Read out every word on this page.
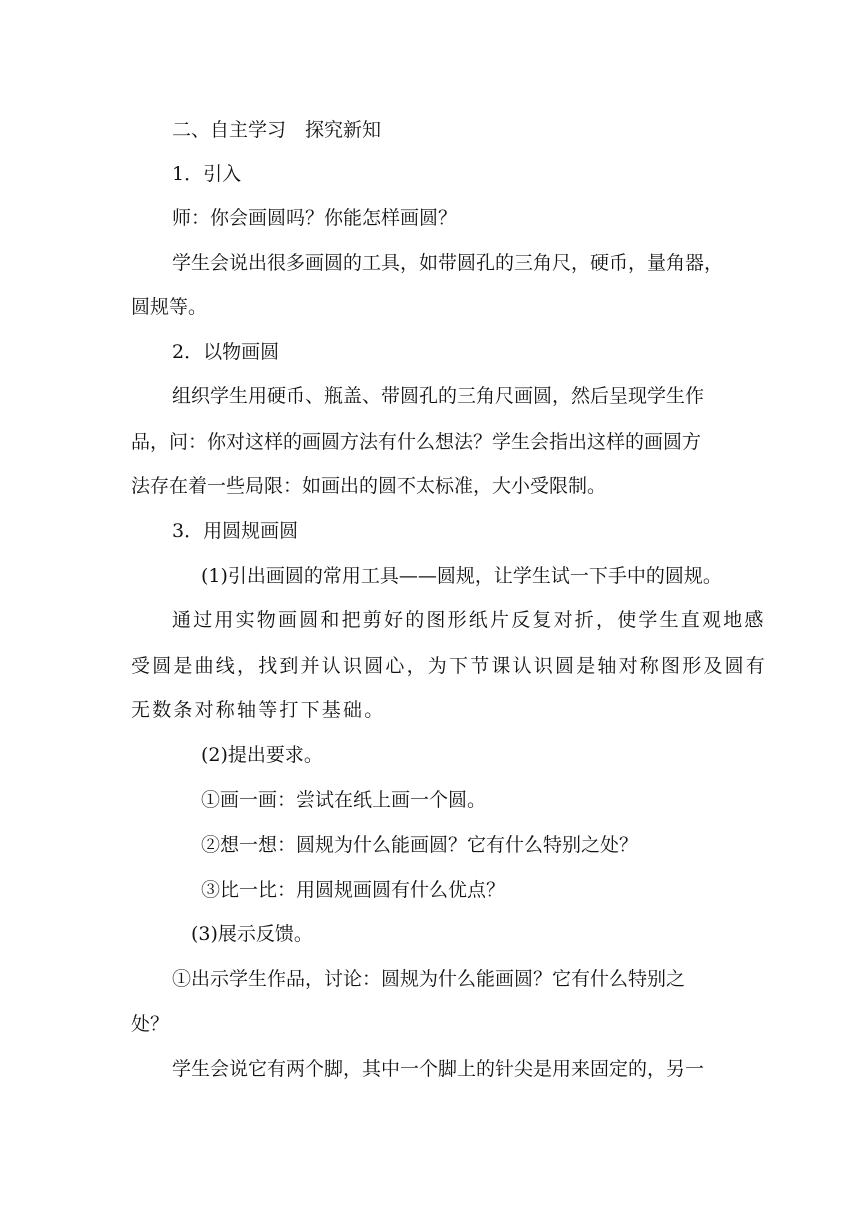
二、自主学习　探究新知
1．引入
师：你会画圆吗？你能怎样画圆？
学生会说出很多画圆的工具，如带圆孔的三角尺，硬币，量角器，
圆规等。
2．以物画圆
组织学生用硬币、瓶盖、带圆孔的三角尺画圆，然后呈现学生作
品，问：你对这样的画圆方法有什么想法？学生会指出这样的画圆方
法存在着一些局限：如画出的圆不太标准，大小受限制。
3．用圆规画圆
(1)引出画圆的常用工具——圆规，让学生试一下手中的圆规。
通过用实物画圆和把剪好的图形纸片反复对折，使学生直观地感
受圆是曲线，找到并认识圆心，为下节课认识圆是轴对称图形及圆有
无数条对称轴等打下基础。
(2)提出要求。
①画一画：尝试在纸上画一个圆。
②想一想：圆规为什么能画圆？它有什么特别之处？
③比一比：用圆规画圆有什么优点？
(3)展示反馈。
①出示学生作品，讨论：圆规为什么能画圆？它有什么特别之
处？
学生会说它有两个脚，其中一个脚上的针尖是用来固定的，另一
